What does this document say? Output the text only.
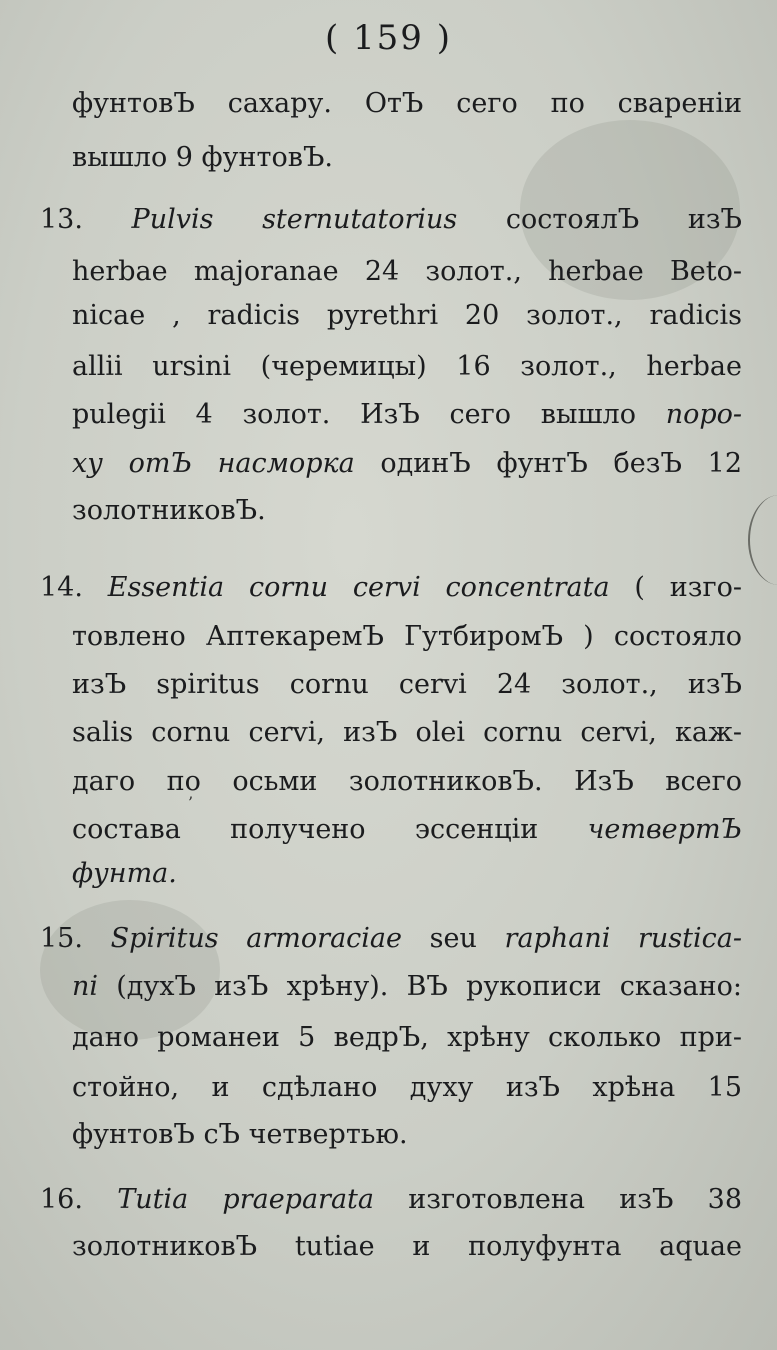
( 159 )
фунтовЪ сахару. ОтЪ сего по свареніи
вышло 9 фунтовЪ.
13. Pulvis sternutatorius состоялЪ изЪ
herbae majoranae 24 золот., herbae Beto-
nicae , radicis pyrethri 20 золот., radicis
allii ursini (черемицы) 16 золот., herbae
pulegii 4 золот. ИзЪ сего вышло поро-
ху отЪ насморка одинЪ фунтЪ безЪ 12
золотниковЪ.
14. Essentia cornu cervi concentrata ( изго-
товлено АптекаремЪ ГутбиромЪ ) состояло
изЪ spiritus cornu cervi 24 золот., изЪ
salis cornu cervi, изЪ olei cornu cervi, каж-
даго по осьми золотниковЪ. ИзЪ всего
состава получено эссенціи четвертЪ
фунта.
15. Spiritus armoraciae seu raphani rustica-
ni (духЪ изЪ хрѣну). ВЪ рукописи сказано:
дано романеи 5 ведрЪ, хрѣну сколько при-
стойно, и сдѣлано духу изЪ хрѣна 15
фунтовЪ сЪ четвертью.
16. Tutia praeparata изготовлена изЪ 38
золотниковЪ tutiae и полуфунта aquae
’
